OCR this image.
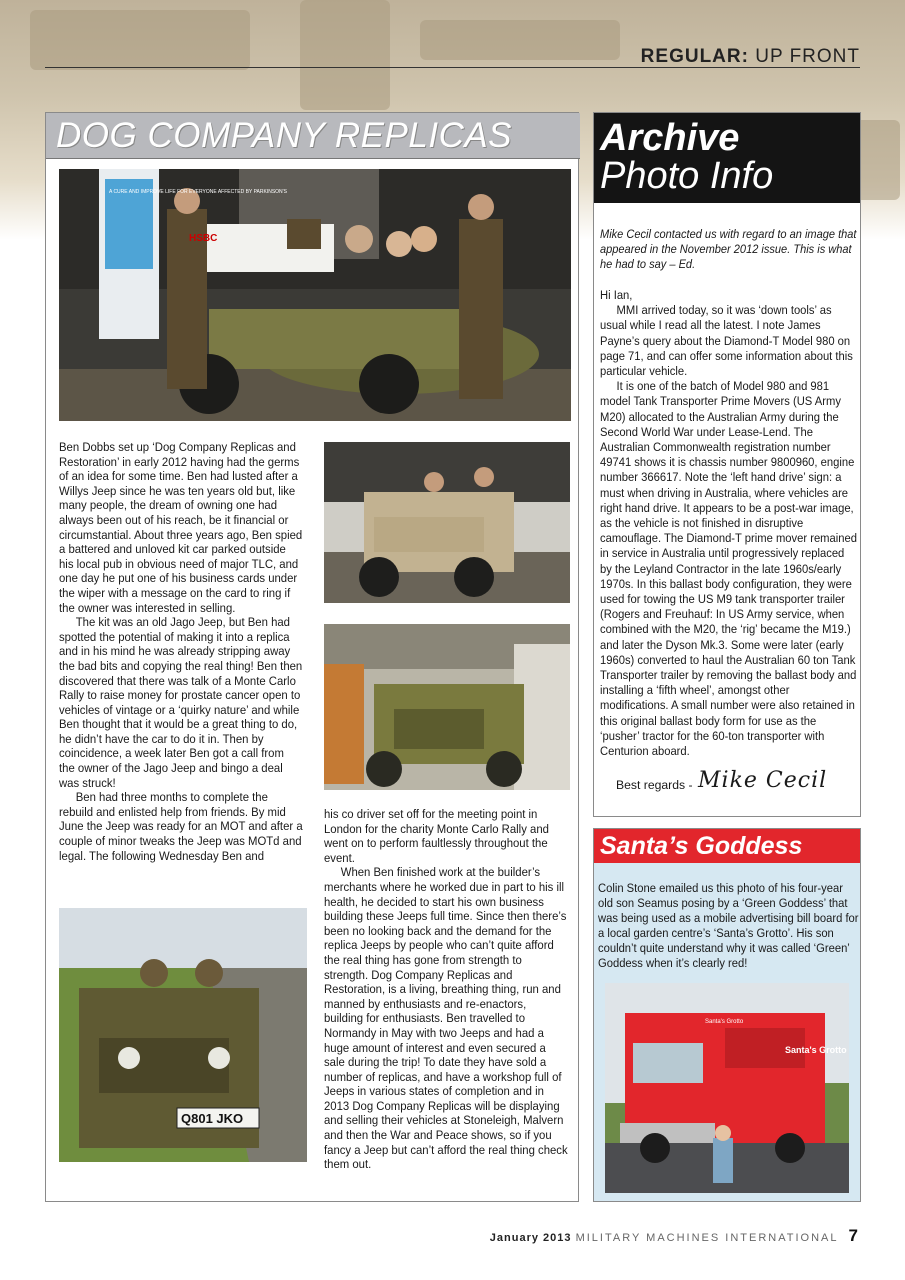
REGULAR: UP FRONT
DOG COMPANY REPLICAS
HSBC
A CURE AND IMPROVE LIFE FOR EVERYONE AFFECTED BY PARKINSON'S

Ben Dobbs set up ‘Dog Company Replicas and Restoration’ in early 2012 having had the germs of an idea for some time. Ben had lusted after a Willys Jeep since he was ten years old but, like many people, the dream of owning one had always been out of his reach, be it financial or circumstantial. About three years ago, Ben spied a battered and unloved kit car parked outside his local pub in obvious need of major TLC, and one day he put one of his business cards under the wiper with a message on the card to ring if the owner was interested in selling.

The kit was an old Jago Jeep, but Ben had spotted the potential of making it into a replica and in his mind he was already stripping away the bad bits and copying the real thing! Ben then discovered that there was talk of a Monte Carlo Rally to raise money for prostate cancer open to vehicles of vintage or a ‘quirky nature’ and while Ben thought that it would be a great thing to do, he didn’t have the car to do it in. Then by coincidence, a week later Ben got a call from the owner of the Jago Jeep and bingo a deal was struck!

Ben had three months to complete the rebuild and enlisted help from friends. By mid June the Jeep was ready for an MOT and after a couple of minor tweaks the Jeep was MOTd and legal. The following Wednesday Ben and

his co driver set off for the meeting point in London for the charity Monte Carlo Rally and went on to perform faultlessly throughout the event.

When Ben finished work at the builder’s merchants where he worked due in part to his ill health, he decided to start his own business building these Jeeps full time. Since then there’s been no looking back and the demand for the replica Jeeps by people who can’t quite afford the real thing has gone from strength to strength. Dog Company Replicas and Restoration, is a living, breathing thing, run and manned by enthusiasts and re-enactors, building for enthusiasts. Ben travelled to Normandy in May with two Jeeps and had a huge amount of interest and even secured a sale during the trip! To date they have sold a number of replicas, and have a workshop full of Jeeps in various states of completion and in 2013 Dog Company Replicas will be displaying and selling their vehicles at Stoneleigh, Malvern and then the War and Peace shows, so if you fancy a Jeep but can’t afford the real thing check them out.

Q801 JKO
Archive
Photo Info
Mike Cecil contacted us with regard to an image that appeared in the November 2012 issue. This is what he had to say – Ed.

Hi Ian,

MMI arrived today, so it was ‘down tools’ as usual while I read all the latest. I note James Payne’s query about the Diamond-T Model 980 on page 71, and can offer some information about this particular vehicle.

It is one of the batch of Model 980 and 981 model Tank Transporter Prime Movers (US Army M20) allocated to the Australian Army during the Second World War under Lease-Lend. The Australian Commonwealth registration number 49741 shows it is chassis number 9800960, engine number 366617. Note the ‘left hand drive’ sign: a must when driving in Australia, where vehicles are right hand drive. It appears to be a post-war image, as the vehicle is not finished in disruptive camouflage. The Diamond-T prime mover remained in service in Australia until progressively replaced by the Leyland Contractor in the late 1960s/early 1970s. In this ballast body configuration, they were used for towing the US M9 tank transporter trailer (Rogers and Freuhauf: In US Army service, when combined with the M20, the ‘rig’ became the M19.) and later the Dyson Mk.3. Some were later (early 1960s) converted to haul the Australian 60 ton Tank Transporter trailer by removing the ballast body and installing a ‘fifth wheel’, amongst other modifications. A small number were also retained in this original ballast body form for use as the ‘pusher’ tractor for the 60-ton transporter with Centurion aboard.

Best regards - Mike Cecil
Santa’s Goddess
Colin Stone emailed us this photo of his four-year old son Seamus posing by a ‘Green Goddess’ that was being used as a mobile advertising bill board for a local garden centre’s ‘Santa’s Grotto’. His son couldn’t quite understand why it was called ‘Green’ Goddess when it’s clearly red!
Santa's Grotto
Santa's Grotto
January 2013 MILITARY MACHINES INTERNATIONAL 7
